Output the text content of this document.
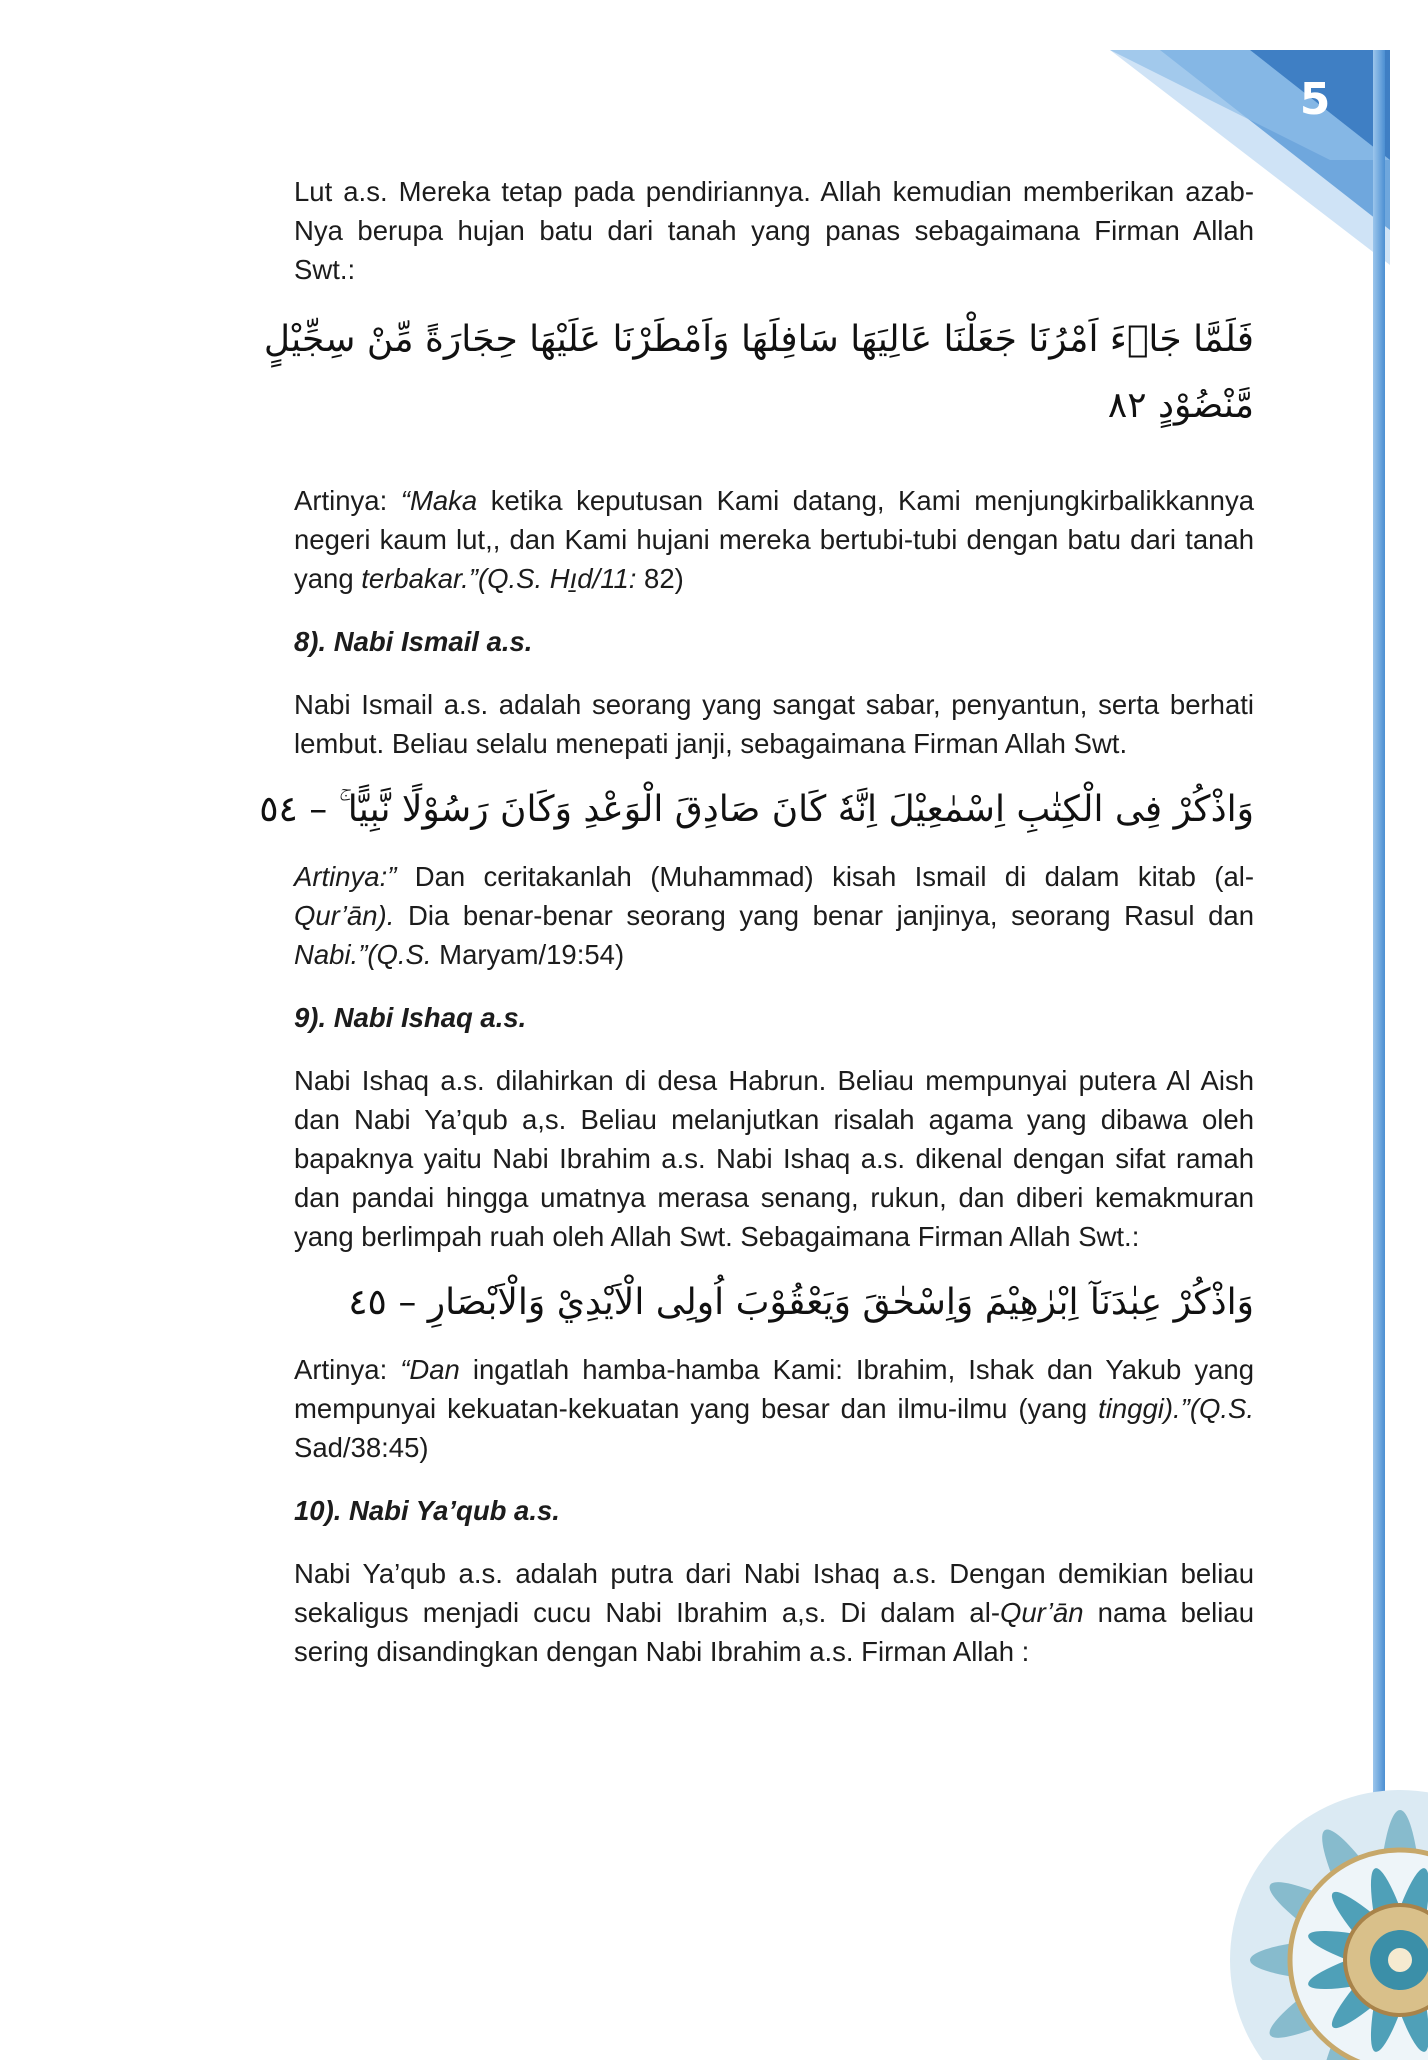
5

Lut a.s. Mereka tetap pada pendiriannya. Allah kemudian memberikan azab-Nya berupa hujan batu dari tanah yang panas sebagaimana Firman Allah Swt.:

فَلَمَّا جَاۤءَ اَمْرُنَا جَعَلْنَا عَالِيَهَا سَافِلَهَا وَاَمْطَرْنَا عَلَيْهَا حِجَارَةً مِّنْ سِجِّيْلٍ
مَّنْضُوْدٍ ٨٢

Artinya: “Maka ketika keputusan Kami datang, Kami menjungkirbalikkannya negeri kaum lut,, dan Kami hujani mereka bertubi-tubi dengan batu dari tanah yang terbakar.”(Q.S. Hı̱d/11: 82)

8). Nabi Ismail a.s.

Nabi Ismail a.s. adalah seorang yang sangat sabar, penyantun, serta berhati lembut. Beliau selalu menepati janji, sebagaimana Firman Allah Swt.

وَاذْكُرْ فِى الْكِتٰبِ اِسْمٰعِيْلَ اِنَّهٗ كَانَ صَادِقَ الْوَعْدِ وَكَانَ رَسُوْلًا نَّبِيًّا ۚ – ٥٤

Artinya:” Dan ceritakanlah (Muhammad) kisah Ismail di dalam kitab (al-Qur’ān). Dia benar-benar seorang yang benar janjinya, seorang Rasul dan Nabi.”(Q.S. Maryam/19:54)

9). Nabi Ishaq a.s.

Nabi Ishaq a.s. dilahirkan di desa Habrun. Beliau mempunyai putera Al Aish dan Nabi Ya’qub a,s. Beliau melanjutkan risalah agama yang dibawa oleh bapaknya yaitu Nabi Ibrahim a.s. Nabi Ishaq a.s. dikenal dengan sifat ramah dan pandai hingga umatnya merasa senang, rukun, dan diberi kemakmuran yang berlimpah ruah oleh Allah Swt. Sebagaimana Firman Allah Swt.:

وَاذْكُرْ عِبٰدَنَآ اِبْرٰهِيْمَ وَاِسْحٰقَ وَيَعْقُوْبَ اُولِى الْاَيْدِيْ وَالْاَبْصَارِ – ٤٥

Artinya: “Dan ingatlah hamba-hamba Kami: Ibrahim, Ishak dan Yakub yang mempunyai kekuatan-kekuatan yang besar dan ilmu-ilmu (yang tinggi).”(Q.S. Sad/38:45)

10). Nabi Ya’qub a.s.

Nabi Ya’qub a.s. adalah putra dari Nabi Ishaq a.s. Dengan demikian beliau sekaligus menjadi cucu Nabi Ibrahim a,s. Di dalam al-Qur’ān nama beliau sering disandingkan dengan Nabi Ibrahim a.s. Firman Allah :
